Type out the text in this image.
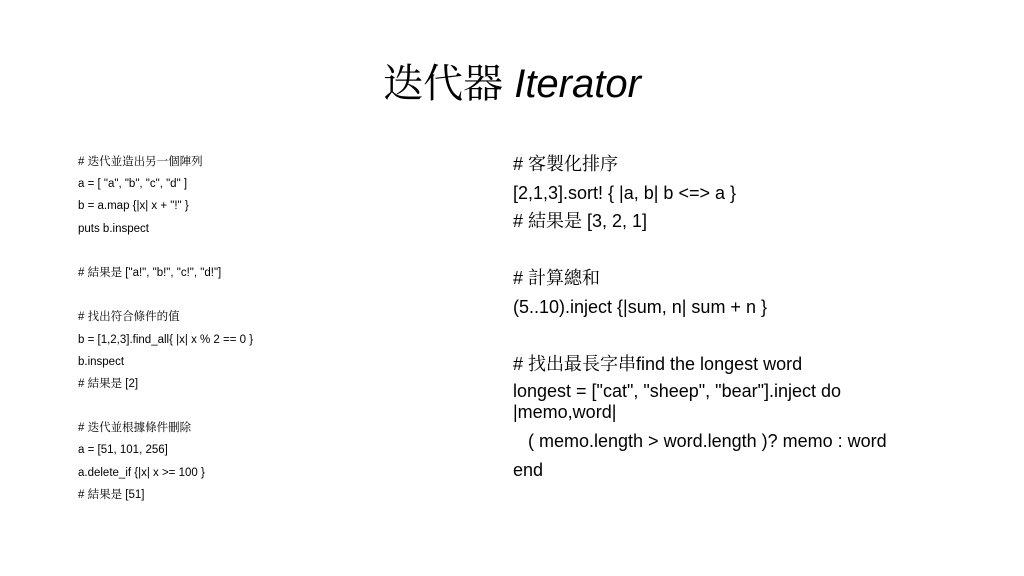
迭代器 Iterator
# 迭代並造出另一個陣列
a = [ "a", "b", "c", "d" ]
b = a.map {|x| x + "!" }
puts b.inspect
# 結果是 ["a!", "b!", "c!", "d!"]
# 找出符合條件的值
b = [1,2,3].find_all{ |x| x % 2 == 0 }
b.inspect
# 結果是 [2]
# 迭代並根據條件刪除
a = [51, 101, 256]
a.delete_if {|x| x >= 100 }
# 結果是 [51]
# 客製化排序
[2,1,3].sort! { |a, b| b <=> a }
# 結果是 [3, 2, 1]
# 計算總和
(5..10).inject {|sum, n| sum + n }
# 找出最長字串find the longest word
longest = ["cat", "sheep", "bear"].inject do |memo,word|
( memo.length > word.length )? memo : word
end
